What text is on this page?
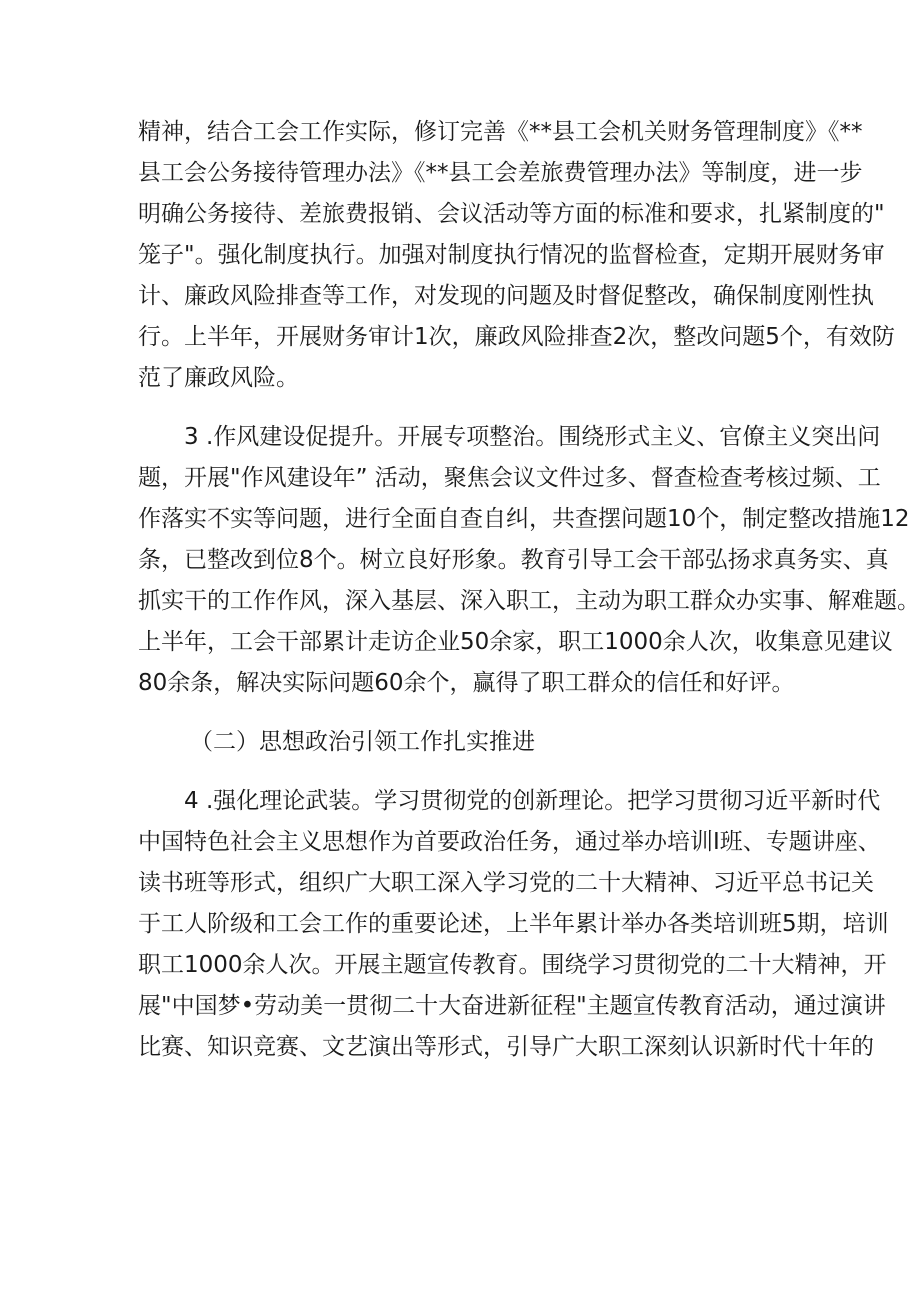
精神，结合工会工作实际，修订完善《**县工会机关财务管理制度》《**
县工会公务接待管理办法》《**县工会差旅费管理办法》等制度，进一步
明确公务接待、差旅费报销、会议活动等方面的标准和要求，扎紧制度的"
笼子"。强化制度执行。加强对制度执行情况的监督检查，定期开展财务审
计、廉政风险排查等工作，对发现的问题及时督促整改，确保制度刚性执
行。上半年，开展财务审计1次，廉政风险排查2次，整改问题5个，有效防
范了廉政风险。

3 .作风建设促提升。开展专项整治。围绕形式主义、官僚主义突出问
题，开展"作风建设年” 活动，聚焦会议文件过多、督查检查考核过频、工
作落实不实等问题，进行全面自查自纠，共查摆问题10个，制定整改措施12
条，已整改到位8个。树立良好形象。教育引导工会干部弘扬求真务实、真
抓实干的工作作风，深入基层、深入职工，主动为职工群众办实事、解难题。
上半年，工会干部累计走访企业50余家，职工1000余人次，收集意见建议
80余条，解决实际问题60余个，赢得了职工群众的信任和好评。

（二）思想政治引领工作扎实推进

4 .强化理论武装。学习贯彻党的创新理论。把学习贯彻习近平新时代
中国特色社会主义思想作为首要政治任务，通过举办培训I班、专题讲座、
读书班等形式，组织广大职工深入学习党的二十大精神、习近平总书记关
于工人阶级和工会工作的重要论述，上半年累计举办各类培训班5期，培训
职工1000余人次。开展主题宣传教育。围绕学习贯彻党的二十大精神，开
展"中国梦•劳动美一贯彻二十大奋进新征程"主题宣传教育活动，通过演讲
比赛、知识竞赛、文艺演出等形式，引导广大职工深刻认识新时代十年的
